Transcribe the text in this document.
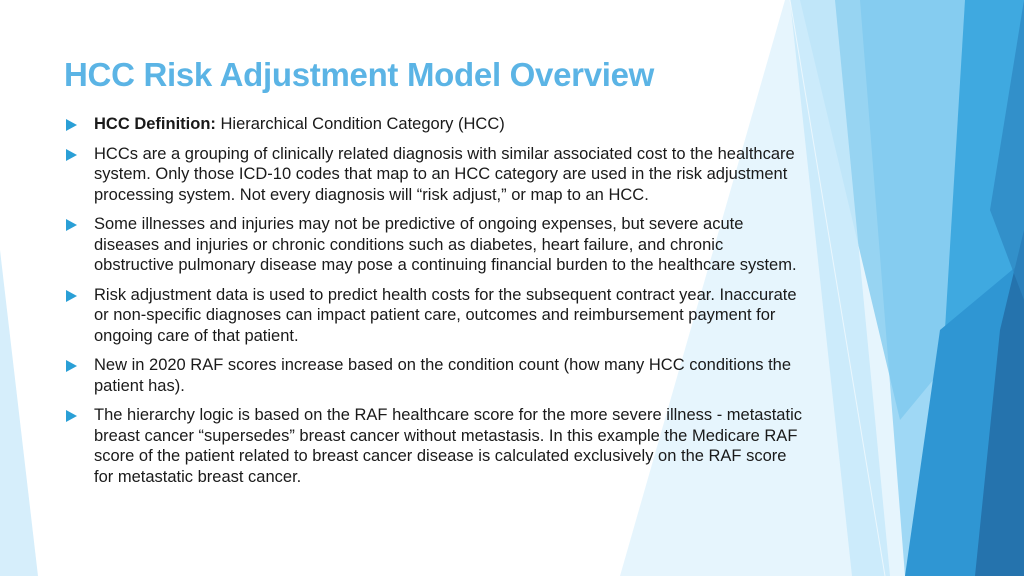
HCC Risk Adjustment Model Overview
HCC Definition: Hierarchical Condition Category (HCC)
HCCs are a grouping of clinically related diagnosis with similar associated cost to the healthcare system. Only those ICD-10 codes that map to an HCC category are used in the risk adjustment processing system. Not every diagnosis will “risk adjust,” or map to an HCC.
Some illnesses and injuries may not be predictive of ongoing expenses, but severe acute diseases and injuries or chronic conditions such as diabetes, heart failure, and chronic obstructive pulmonary disease may pose a continuing financial burden to the healthcare system.
Risk adjustment data is used to predict health costs for the subsequent contract year. Inaccurate or non-specific diagnoses can impact patient care, outcomes and reimbursement payment for ongoing care of that patient.
New in 2020 RAF scores increase based on the condition count (how many HCC conditions the patient has).
The hierarchy logic is based on the RAF healthcare score for the more severe illness - metastatic breast cancer “supersedes” breast cancer without metastasis. In this example the Medicare RAF score of the patient related to breast cancer disease is calculated exclusively on the RAF score for metastatic breast cancer.
